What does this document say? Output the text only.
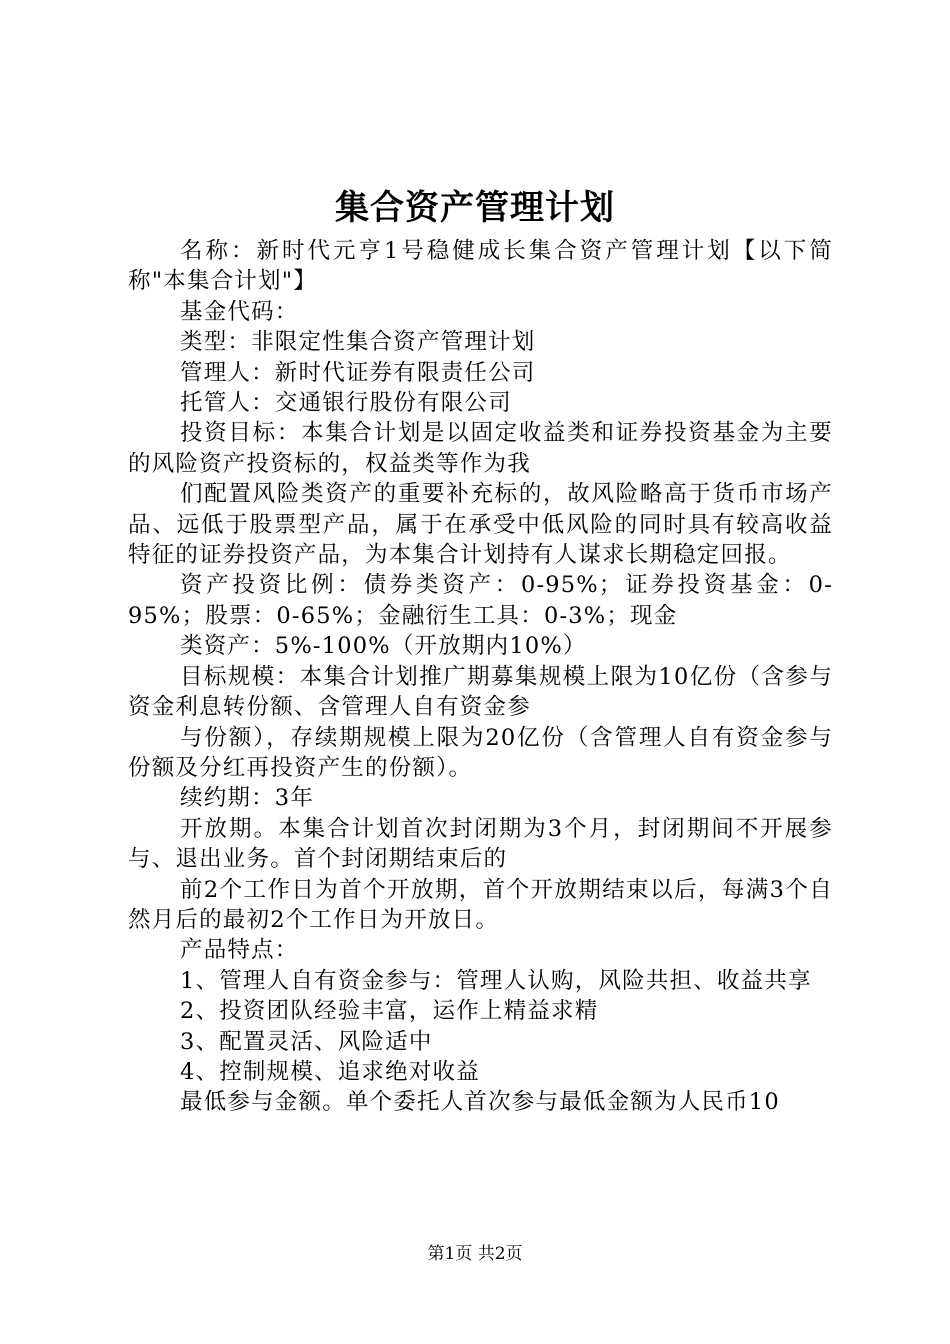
集合资产管理计划

名称：新时代元亨1号稳健成长集合资产管理计划【以下简称"本集合计划"】

基金代码：

类型：非限定性集合资产管理计划

管理人：新时代证券有限责任公司

托管人：交通银行股份有限公司

投资目标：本集合计划是以固定收益类和证券投资基金为主要的风险资产投资标的，权益类等作为我

们配置风险类资产的重要补充标的，故风险略高于货币市场产品、远低于股票型产品，属于在承受中低风险的同时具有较高收益特征的证券投资产品，为本集合计划持有人谋求长期稳定回报。

资产投资比例：债券类资产：0-95%；证券投资基金：0-95%；股票：0-65%；金融衍生工具：0-3%；现金

类资产：5%-100%（开放期内10%）

目标规模：本集合计划推广期募集规模上限为10亿份（含参与资金利息转份额、含管理人自有资金参

与份额），存续期规模上限为20亿份（含管理人自有资金参与份额及分红再投资产生的份额）。

续约期：3年

开放期。本集合计划首次封闭期为3个月，封闭期间不开展参与、退出业务。首个封闭期结束后的

前2个工作日为首个开放期，首个开放期结束以后，每满3个自然月后的最初2个工作日为开放日。

产品特点：

1、管理人自有资金参与：管理人认购，风险共担、收益共享

2、投资团队经验丰富，运作上精益求精

3、配置灵活、风险适中

4、控制规模、追求绝对收益

最低参与金额。单个委托人首次参与最低金额为人民币10

第1页 共2页
